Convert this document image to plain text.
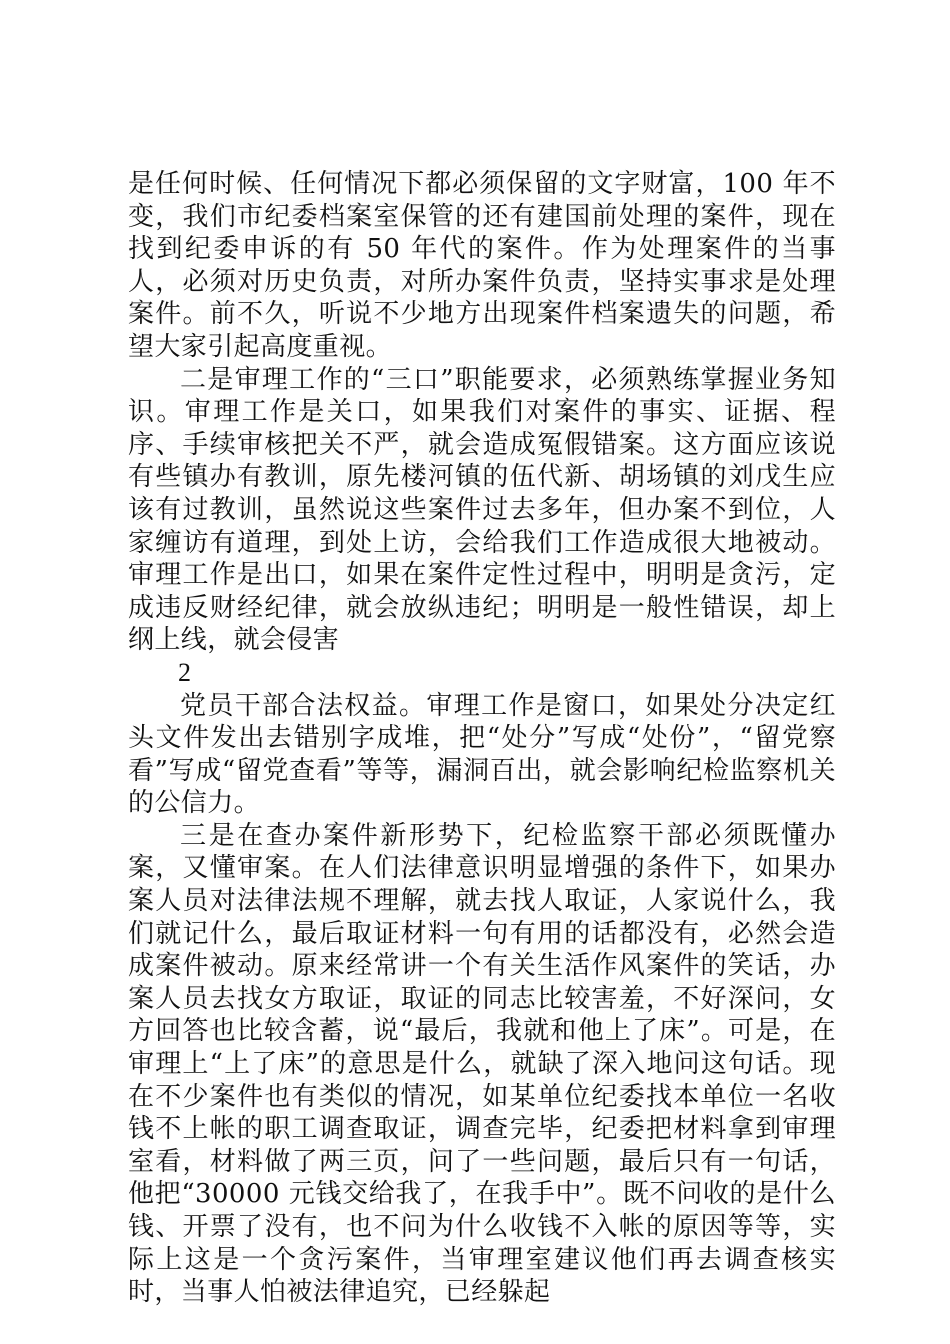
是任何时候、任何情况下都必须保留的文字财富，100 年不变，我们市纪委档案室保管的还有建国前处理的案件，现在找到纪委申诉的有 50 年代的案件。作为处理案件的当事人，必须对历史负责，对所办案件负责，坚持实事求是处理案件。前不久，听说不少地方出现案件档案遗失的问题，希望大家引起高度重视。

二是审理工作的“三口”职能要求，必须熟练掌握业务知识。审理工作是关口，如果我们对案件的事实、证据、程序、手续审核把关不严，就会造成冤假错案。这方面应该说有些镇办有教训，原先楼河镇的伍代新、胡场镇的刘戊生应该有过教训，虽然说这些案件过去多年，但办案不到位，人家缠访有道理，到处上访，会给我们工作造成很大地被动。审理工作是出口，如果在案件定性过程中，明明是贪污，定成违反财经纪律，就会放纵违纪；明明是一般性错误，却上纲上线，就会侵害

2

党员干部合法权益。审理工作是窗口，如果处分决定红头文件发出去错别字成堆，把“处分”写成“处份”，“留党察看”写成“留党查看”等等，漏洞百出，就会影响纪检监察机关的公信力。

三是在查办案件新形势下，纪检监察干部必须既懂办案，又懂审案。在人们法律意识明显增强的条件下，如果办案人员对法律法规不理解，就去找人取证，人家说什么，我们就记什么，最后取证材料一句有用的话都没有，必然会造成案件被动。原来经常讲一个有关生活作风案件的笑话，办案人员去找女方取证，取证的同志比较害羞，不好深问，女方回答也比较含蓄，说“最后，我就和他上了床”。可是，在审理上“上了床”的意思是什么，就缺了深入地问这句话。现在不少案件也有类似的情况，如某单位纪委找本单位一名收钱不上帐的职工调查取证，调查完毕，纪委把材料拿到审理室看，材料做了两三页，问了一些问题，最后只有一句话，他把“30000 元钱交给我了，在我手中”。既不问收的是什么钱、开票了没有，也不问为什么收钱不入帐的原因等等，实际上这是一个贪污案件，当审理室建议他们再去调查核实时，当事人怕被法律追究，已经躲起
